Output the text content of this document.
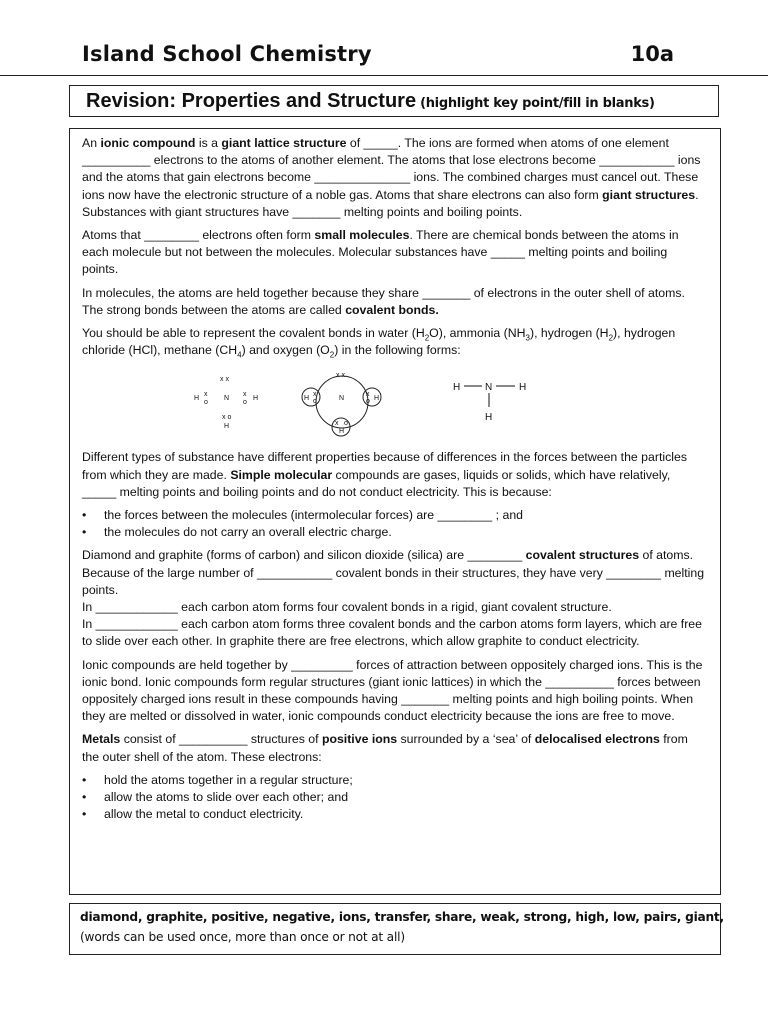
Island School Chemistry	10a
Revision: Properties and Structure (highlight key point/fill in blanks)

An ionic compound is a giant lattice structure of _____. The ions are formed when atoms of one element __________ electrons to the atoms of another element. The atoms that lose electrons become ___________ ions and the atoms that gain electrons become ______________ ions. The combined charges must cancel out. These ions now have the electronic structure of a noble gas. Atoms that share electrons can also form giant structures. Substances with giant structures have _______ melting points and boiling points.

Atoms that ________ electrons often form small molecules. There are chemical bonds between the atoms in each molecule but not between the molecules. Molecular substances have _____ melting points and boiling points.

In molecules, the atoms are held together because they share _______ of electrons in the outer shell of atoms. The strong bonds between the atoms are called covalent bonds.

You should be able to represent the covalent bonds in water $(H_2O)$, ammonia $(NH_3)$, hydrogen $(H_2)$, hydrogen chloride (HCl), methane $(CH_4)$ and oxygen $(O_2)$ in the following forms:

x x
H
x
o
N
x
o
H
x o
H
x x
N
H
x
o	H
x
o
x o
H
H N	H
H

Different types of substance have different properties because of differences in the forces between the particles from which they are made. Simple molecular compounds are gases, liquids or solids, which have relatively, _____ melting points and boiling points and do not conduct electricity. This is because:

• the forces between the molecules (intermolecular forces) are ________ ; and
• the molecules do not carry an overall electric charge.

Diamond and graphite (forms of carbon) and silicon dioxide (silica) are ________ covalent structures of atoms. Because of the large number of ___________ covalent bonds in their structures, they have very ________ melting points.
In ____________ each carbon atom forms four covalent bonds in a rigid, giant covalent structure.
In ____________ each carbon atom forms three covalent bonds and the carbon atoms form layers, which are free to slide over each other. In graphite there are free electrons, which allow graphite to conduct electricity.

Ionic compounds are held together by _________ forces of attraction between oppositely charged ions. This is the ionic bond. Ionic compounds form regular structures (giant ionic lattices) in which the __________ forces between oppositely charged ions result in these compounds having _______ melting points and high boiling points. When they are melted or dissolved in water, ionic compounds conduct electricity because the ions are free to move.

Metals consist of __________ structures of positive ions surrounded by a ‘sea’ of delocalised electrons from the outer shell of the atom. These electrons:

• hold the atoms together in a regular structure;
• allow the atoms to slide over each other; and
• allow the metal to conduct electricity.
diamond, graphite, positive, negative, ions, transfer, share, weak, strong, high, low, pairs, giant,
(words can be used once, more than once or not at all)
